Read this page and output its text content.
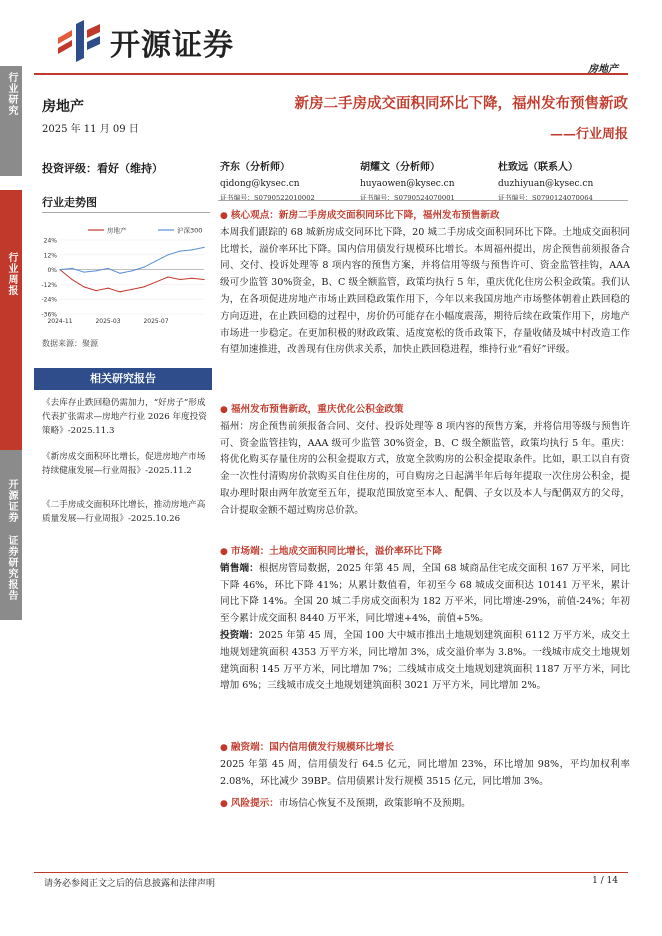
开源证券
房地产
行业研究
行业周报
开源证券 证券研究报告
房地产
2025 年 11 月 09 日
投资评级：看好（维持）
行业走势图
24%
12%
0%
-12%
-24%
-36%
2024-11	2025-03	2025-07
房地产	沪深300
数据来源：聚源
相关研究报告
《去库存止跌回稳仍需加力，“好房子”形成代表扩张需求—房地产行业 2026 年度投资策略》-2025.11.3
《新房成交面积环比增长，促进房地产市场持续健康发展—行业周报》-2025.11.2
《二手房成交面积环比增长，推动房地产高质量发展—行业周报》-2025.10.26
新房二手房成交面积同环比下降，福州发布预售新政
——行业周报
齐东（分析师）
qidong@kysec.cn
证书编号：S0790522010002
胡耀文（分析师）
huyaowen@kysec.cn
证书编号：S0790524070001
杜致远（联系人）
duzhiyuan@kysec.cn
证书编号：S0790124070064
● 核心观点：新房二手房成交面积同环比下降，福州发布预售新政
本周我们跟踪的 68 城新房成交同环比下降，20 城二手房成交面积同环比下降。土地成交面积同比增长，溢价率环比下降。国内信用债发行规模环比增长。本周福州提出，房企预售前须报备合同、交付、投诉处理等 8 项内容的预售方案，并将信用等级与预售许可、资金监管挂钩，AAA 级可少监管 30%资金，B、C 级全额监管，政策均执行 5 年，重庆优化住房公积金政策。我们认为，在各项促进房地产市场止跌回稳政策作用下，今年以来我国房地产市场整体朝着止跌回稳的方向迈进，在止跌回稳的过程中，房价仍可能存在小幅度震荡，期待后续在政策作用下，房地产市场进一步稳定。在更加积极的财政政策、适度宽松的货币政策下，存量收储及城中村改造工作有望加速推进，改善现有住房供求关系，加快止跌回稳进程，维持行业“看好”评级。
● 福州发布预售新政，重庆优化公积金政策
福州：房企预售前须报备合同、交付、投诉处理等 8 项内容的预售方案，并将信用等级与预售许可、资金监管挂钩，AAA 级可少监管 30%资金，B、C 级全额监管，政策均执行 5 年。重庆：将优化购买存量住房的公积金提取方式，放宽全款购房的公积金提取条件。比如，职工以自有资金一次性付清购房价款购买自住住房的，可自购房之日起满半年后每年提取一次住房公积金，提取办理时限由两年放宽至五年，提取范围放宽至本人、配偶、子女以及本人与配偶双方的父母，合计提取金额不超过购房总价款。
● 市场端：土地成交面积同比增长，溢价率环比下降
销售端：根据房管局数据，2025 年第 45 周，全国 68 城商品住宅成交面积 167 万平米，同比下降 46%，环比下降 41%；从累计数值看，年初至今 68 城成交面积达 10141 万平米，累计同比下降 14%。全国 20 城二手房成交面积为 182 万平米，同比增速-29%，前值-24%；年初至今累计成交面积 8440 万平米，同比增速+4%，前值+5%。
投资端：2025 年第 45 周，全国 100 大中城市推出土地规划建筑面积 6112 万平方米，成交土地规划建筑面积 4353 万平方米，同比增加 3%，成交溢价率为 3.8%。一线城市成交土地规划建筑面积 145 万平方米，同比增加 7%；二线城市成交土地规划建筑面积 1187 万平方米，同比增加 6%；三线城市成交土地规划建筑面积 3021 万平方米，同比增加 2%。
● 融资端：国内信用债发行规模环比增长
2025 年第 45 周，信用债发行 64.5 亿元，同比增加 23%，环比增加 98%，平均加权利率 2.08%，环比减少 39BP。信用债累计发行规模 3515 亿元，同比增加 3%。
● 风险提示：市场信心恢复不及预期，政策影响不及预期。
请务必参阅正文之后的信息披露和法律声明	1 / 14
